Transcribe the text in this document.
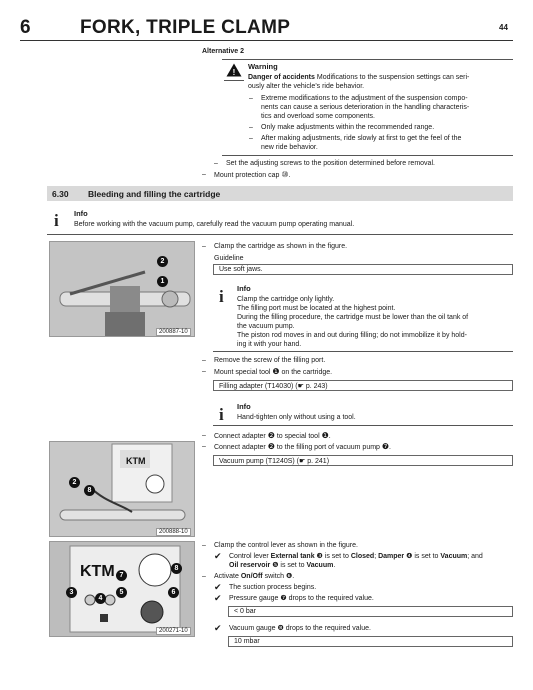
6	FORK, TRIPLE CLAMP	44
Alternative 2
!
Warning
Danger of accidents Modifications to the suspension settings can seri-
ously alter the vehicle's ride behavior.
– Extreme modifications to the adjustment of the suspension compo-
nents can cause a serious deterioration in the handling characteris-
tics and overload some components.
– Only make adjustments within the recommended range.
– After making adjustments, ride slowly at first to get the feel of the
new ride behavior.
– Set the adjusting screws to the position determined before removal.
– Mount protection cap ⑩.
6.30 Bleeding and filling the cartridge
i Info
Before working with the vacuum pump, carefully read the vacuum pump operating manual.
2
1
200887-10
– Clamp the cartridge as shown in the figure.
Guideline
Use soft jaws.
i Info
Clamp the cartridge only lightly.
The filling port must be located at the highest point.
During the filling procedure, the cartridge must be lower than the oil tank of
the vacuum pump.
The piston rod moves in and out during filling; do not immobilize it by hold-
ing it with your hand.
– Remove the screw of the filling port.
– Mount special tool ❶ on the cartridge.
Filling adapter (T14030) (☛ p. 243)
i Info
Hand-tighten only without using a tool.
KTM
2
8
200888-10
– Connect adapter ❷ to special tool ❶.
– Connect adapter ❷ to the filling port of vacuum pump ❼.
Vacuum pump (T1240S) (☛ p. 241)
KTM 7
8
3
4
5	6
200271-10
– Clamp the control lever as shown in the figure.
✔ Control lever External tank ❸ is set to Closed; Damper ❹ is set to Vacuum; and
Oil reservoir ❺ is set to Vacuum.
– Activate On/Off switch ❻.
✔ The suction process begins.
✔ Pressure gauge ❼ drops to the required value.
< 0 bar
✔ Vacuum gauge ❽ drops to the required value.
10 mbar
